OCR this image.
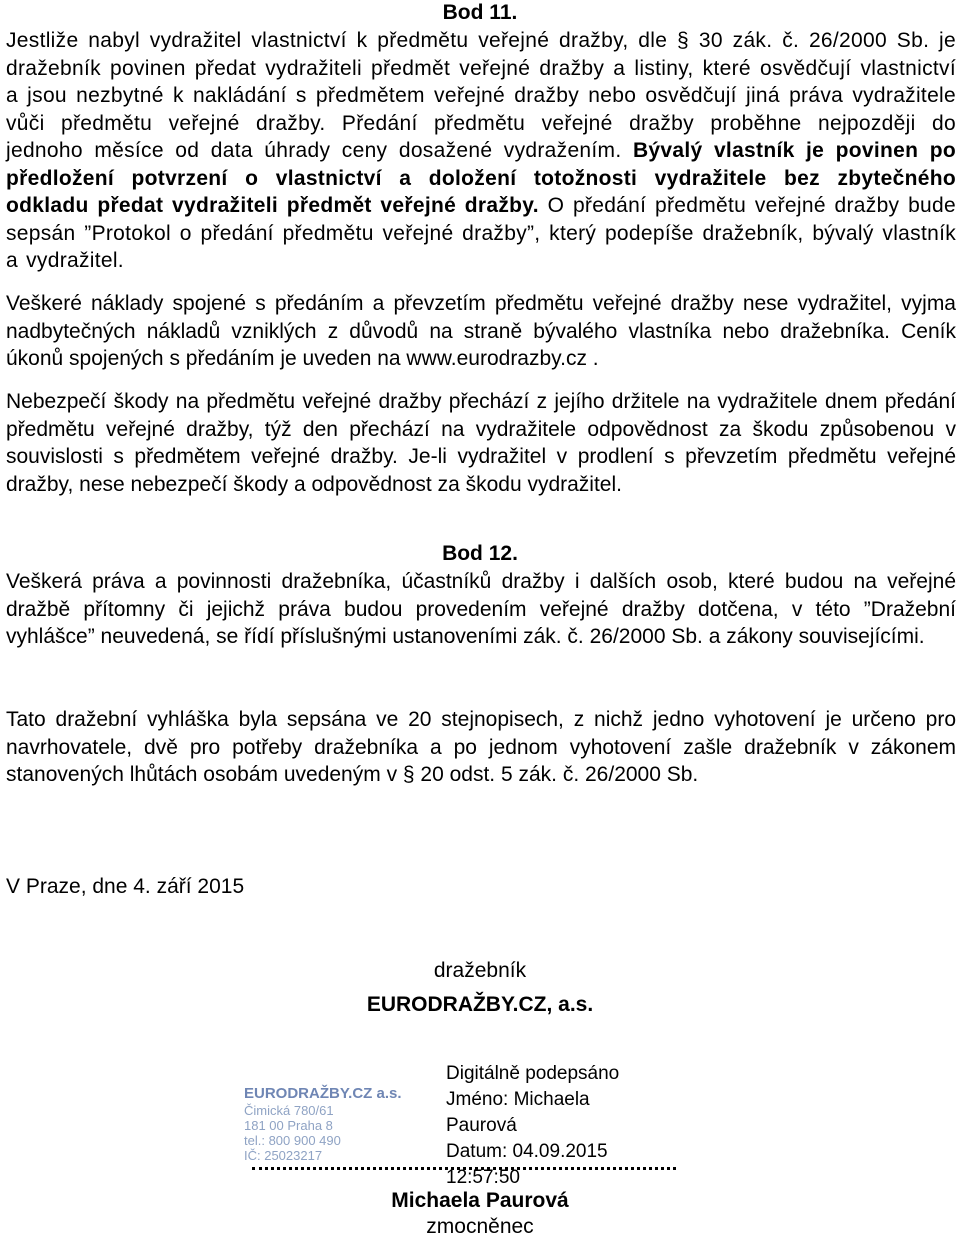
Bod 11.

Jestliže nabyl vydražitel vlastnictví k předmětu veřejné dražby, dle § 30 zák. č. 26/2000 Sb. je dražebník povinen předat vydražiteli předmět veřejné dražby a listiny, které osvědčují vlastnictví a jsou nezbytné k nakládání s předmětem veřejné dražby nebo osvědčují jiná práva vydražitele vůči předmětu veřejné dražby. Předání předmětu veřejné dražby proběhne nejpozději do jednoho měsíce od data úhrady ceny dosažené vydražením. Bývalý vlastník je povinen po předložení potvrzení o vlastnictví a doložení totožnosti vydražitele bez zbytečného odkladu předat vydražiteli předmět veřejné dražby. O předání předmětu veřejné dražby bude sepsán ”Protokol o předání předmětu veřejné dražby”, který podepíše dražebník, bývalý vlastník a vydražitel.

Veškeré náklady spojené s předáním a převzetím předmětu veřejné dražby nese vydražitel, vyjma nadbytečných nákladů vzniklých z důvodů na straně bývalého vlastníka nebo dražebníka. Ceník úkonů spojených s předáním je uveden na www.eurodrazby.cz .

Nebezpečí škody na předmětu veřejné dražby přechází z jejího držitele na vydražitele dnem předání předmětu veřejné dražby, týž den přechází na vydražitele odpovědnost za škodu způsobenou v souvislosti s předmětem veřejné dražby. Je-li vydražitel v prodlení s převzetím předmětu veřejné dražby, nese nebezpečí škody a odpovědnost za škodu vydražitel.

Bod 12.

Veškerá práva a povinnosti dražebníka, účastníků dražby i dalších osob, které budou na veřejné dražbě přítomny či jejichž práva budou provedením veřejné dražby dotčena, v této ”Dražební vyhlášce” neuvedená, se řídí příslušnými ustanoveními zák. č. 26/2000 Sb. a zákony souvisejícími.

Tato dražební vyhláška byla sepsána ve 20 stejnopisech, z nichž jedno vyhotovení je určeno pro navrhovatele, dvě pro potřeby dražebníka a po jednom vyhotovení zašle dražebník v zákonem stanovených lhůtách osobám uvedeným v § 20 odst. 5 zák. č. 26/2000 Sb.

V Praze, dne 4. září 2015
dražebník
EURODRAŽBY.CZ, a.s.
EURODRAŽBY.CZ a.s.
Čimická 780/61
181 00 Praha 8
tel.: 800 900 490
IČ: 25023217
Digitálně podepsáno
Jméno: Michaela
Paurová
Datum: 04.09.2015
12:57:50
Michaela Paurová
zmocněnec
